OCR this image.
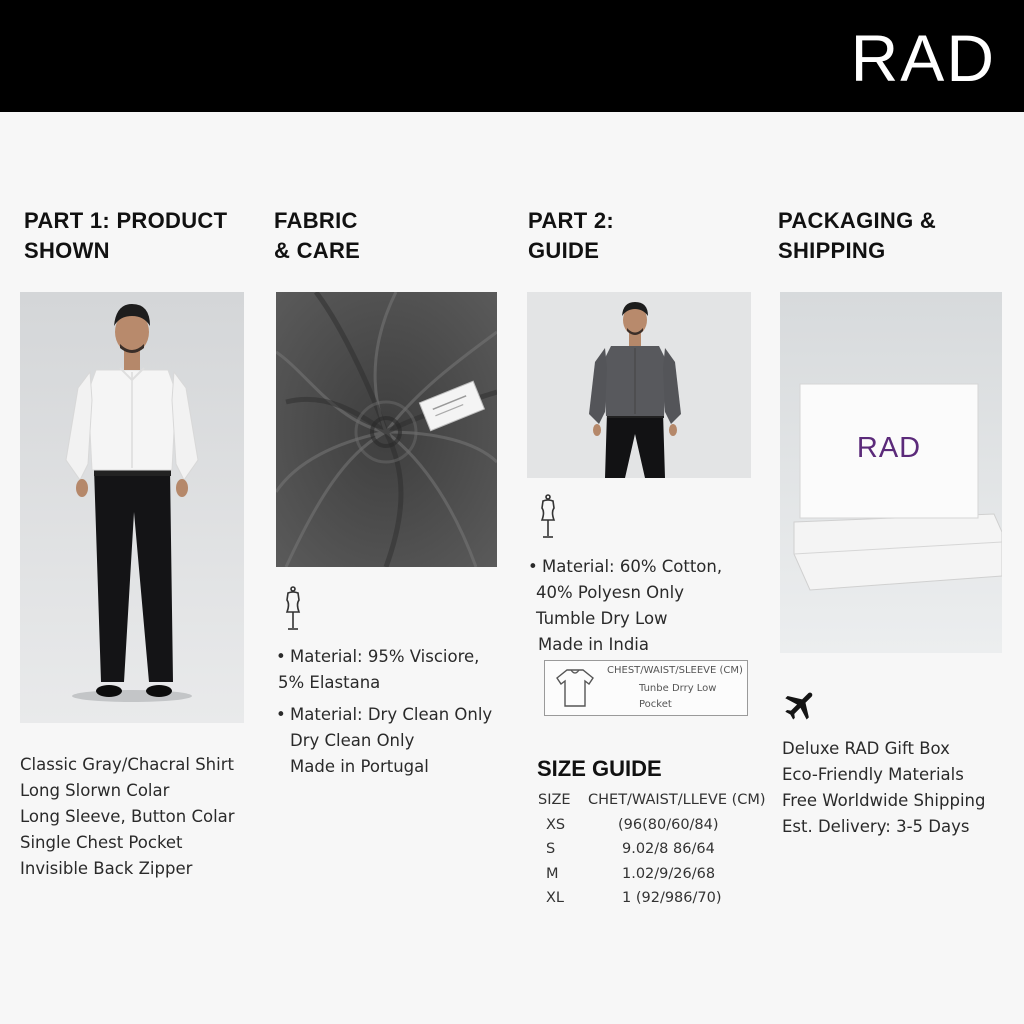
RAD
PART 1: PRODUCT
SHOWN
FABRIC
& CARE
PART 2:
GUIDE
PACKAGING &
SHIPPING
Classic Gray/Chacral Shirt
Long Slorwn Colar
Long Sleeve, Button Colar
Single Chest Pocket
Invisible Back Zipper
• Material: 95% Visciore,
5% Elastana
• Material: Dry Clean Only
Dry Clean Only
Made in Portugal
• Material: 60% Cotton,
40% Polyesn Only
Tumble Dry Low
Made in India
CHEST/WAIST/SLEEVE (CM)
Tunbe Drry Low
Pocket
SIZE GUIDE
SIZE	CHET/WAIST/LLEVE (CM)
XS	(96(80/60/84)
S	9.02/8 86/64
M	1.02/9/26/68
XL	1 (92/986/70)
RAD
Deluxe RAD Gift Box
Eco-Friendly Materials
Free Worldwide Shipping
Est. Delivery: 3-5 Days
